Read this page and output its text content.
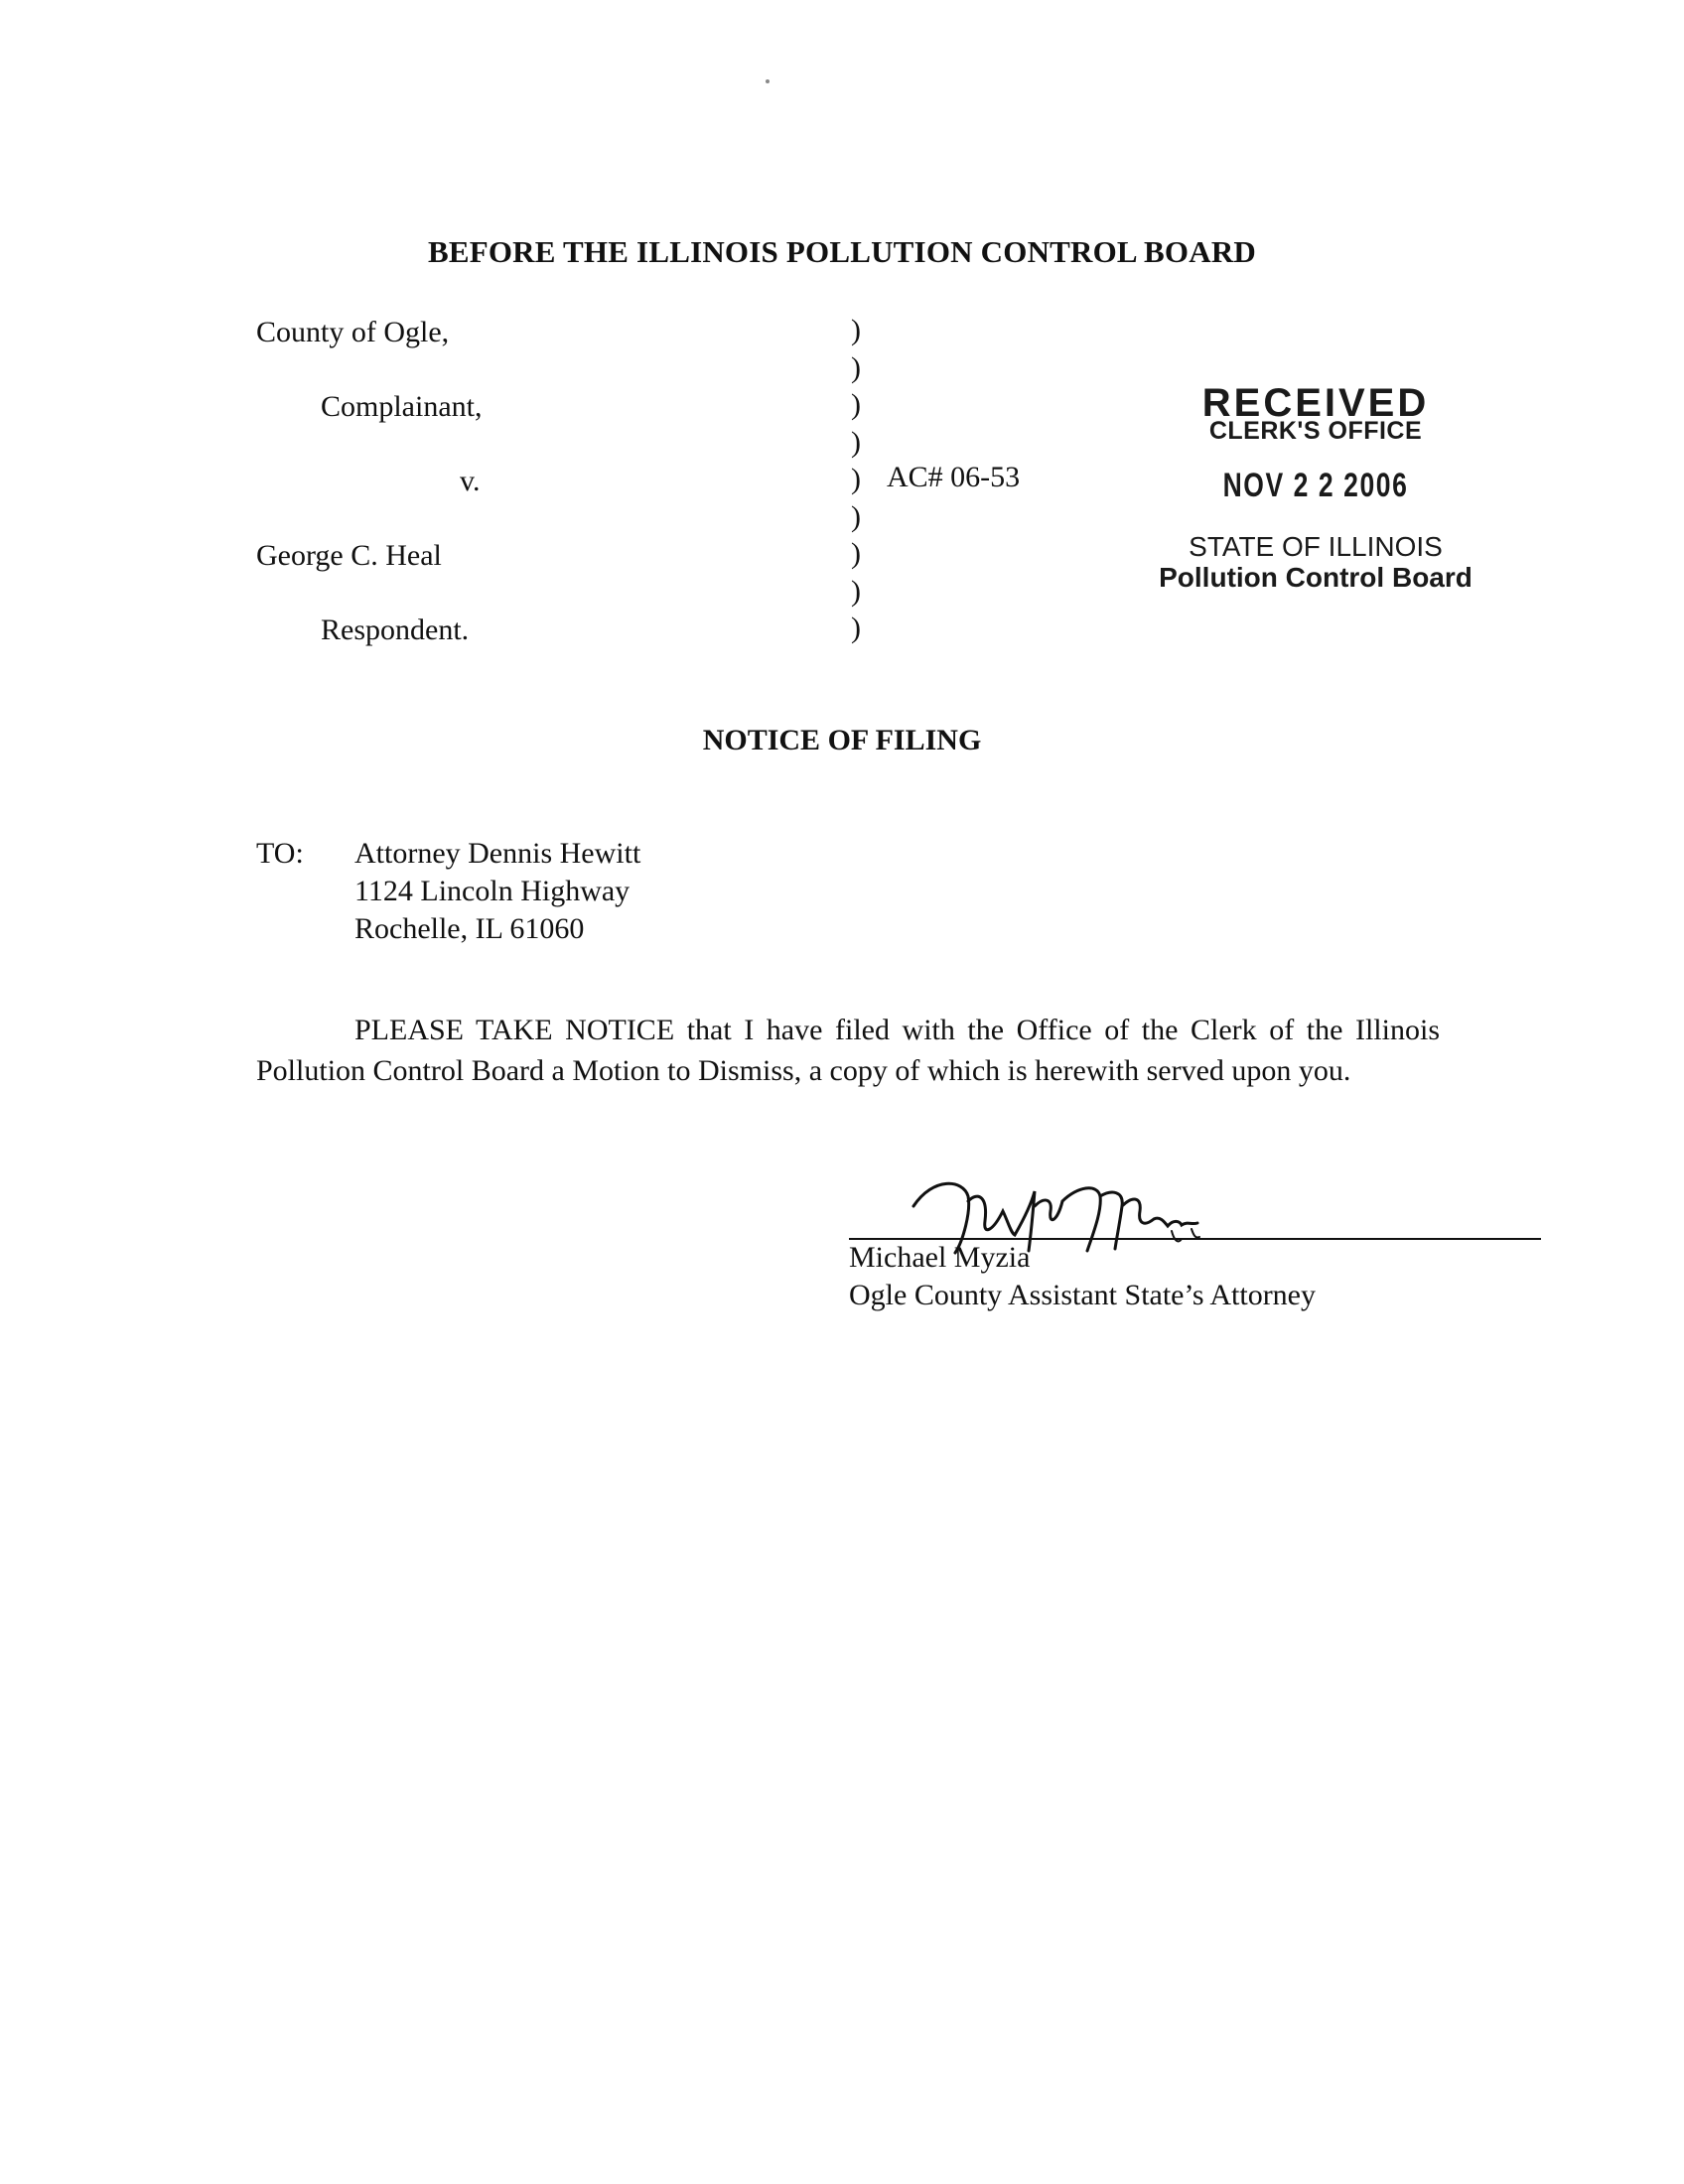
BEFORE THE ILLINOIS POLLUTION CONTROL BOARD
County of Ogle,
Complainant,
v.
George C. Heal
Respondent.
)
)
)
)
)
)
)
)
)
AC# 06-53
RECEIVED
CLERK'S OFFICE
NOV 2 2 2006
STATE OF ILLINOIS
Pollution Control Board
NOTICE OF FILING
TO: Attorney Dennis Hewitt
1124 Lincoln Highway
Rochelle, IL 61060
PLEASE TAKE NOTICE that I have filed with the Office of the Clerk of the Illinois Pollution Control Board a Motion to Dismiss, a copy of which is herewith served upon you.
Michael Myzia
Ogle County Assistant State’s Attorney
